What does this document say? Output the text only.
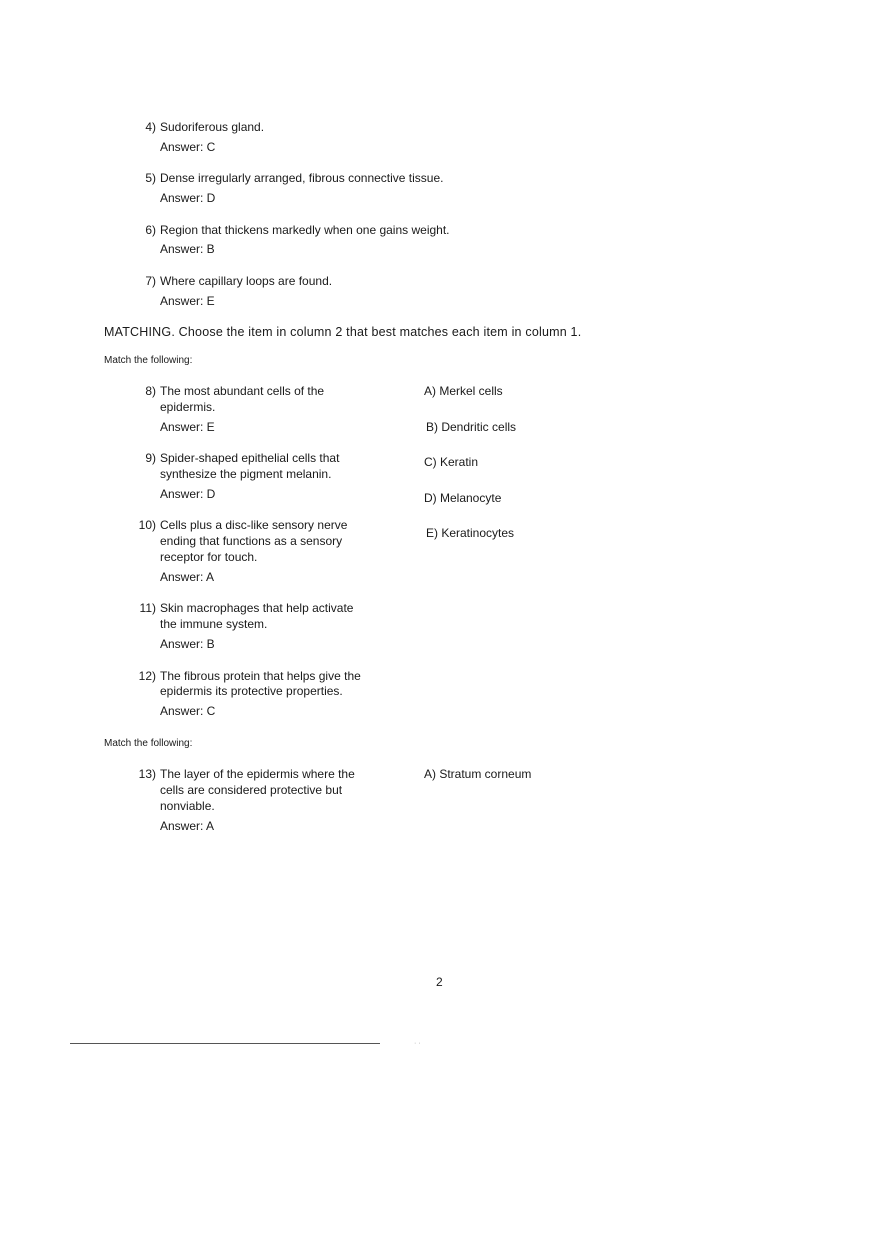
4) Sudoriferous gland.
Answer: C
5) Dense irregularly arranged, fibrous connective tissue.
Answer: D
6) Region that thickens markedly when one gains weight.
Answer: B
7) Where capillary loops are found.
Answer: E
MATCHING. Choose the item in column 2 that best matches each item in column 1.
Match the following:
8) The most abundant cells of the
epidermis.
Answer: E
9) Spider-shaped epithelial cells that
synthesize the pigment melanin.
Answer: D
10) Cells plus a disc-like sensory nerve
ending that functions as a sensory
receptor for touch.
Answer: A
11) Skin macrophages that help activate
the immune system.
Answer: B
12) The fibrous protein that helps give the
epidermis its protective properties.
Answer: C
A) Merkel cells
B) Dendritic cells
C) Keratin
D) Melanocyte
E) Keratinocytes
Match the following:
13) The layer of the epidermis where the
cells are considered protective but
nonviable.
Answer: A
A) Stratum corneum
2
· ·
